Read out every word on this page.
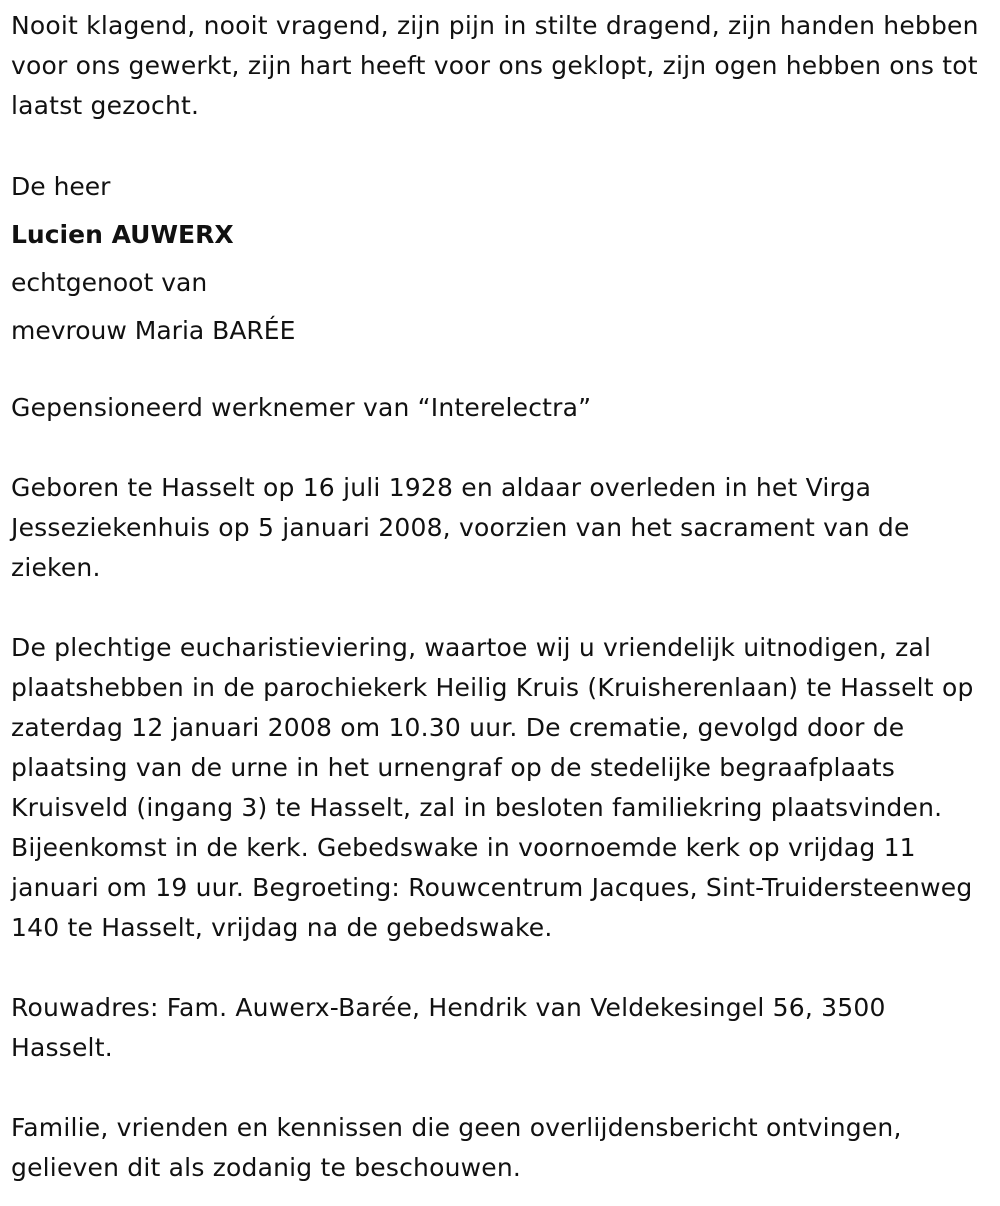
Nooit klagend, nooit vragend, zijn pijn in stilte dragend, zijn handen hebben voor ons gewerkt, zijn hart heeft voor ons geklopt, zijn ogen hebben ons tot laatst gezocht.

De heer
Lucien AUWERX
echtgenoot van
mevrouw Maria BARÉE

Gepensioneerd werknemer van “Interelectra”

Geboren te Hasselt op 16 juli 1928 en aldaar overleden in het Virga Jesseziekenhuis op 5 januari 2008, voorzien van het sacrament van de zieken.

De plechtige eucharistieviering, waartoe wij u vriendelijk uitnodigen, zal plaatshebben in de parochiekerk Heilig Kruis (Kruisherenlaan) te Hasselt op zaterdag 12 januari 2008 om 10.30 uur. De crematie, gevolgd door de plaatsing van de urne in het urnengraf op de stedelijke begraafplaats Kruisveld (ingang 3) te Hasselt, zal in besloten familiekring plaatsvinden. Bijeenkomst in de kerk. Gebedswake in voornoemde kerk op vrijdag 11 januari om 19 uur. Begroeting: Rouwcentrum Jacques, Sint-Truidersteenweg 140 te Hasselt, vrijdag na de gebedswake.

Rouwadres: Fam. Auwerx-Barée, Hendrik van Veldekesingel 56, 3500 Hasselt.

Familie, vrienden en kennissen die geen overlijdensbericht ontvingen, gelieven dit als zodanig te beschouwen.
